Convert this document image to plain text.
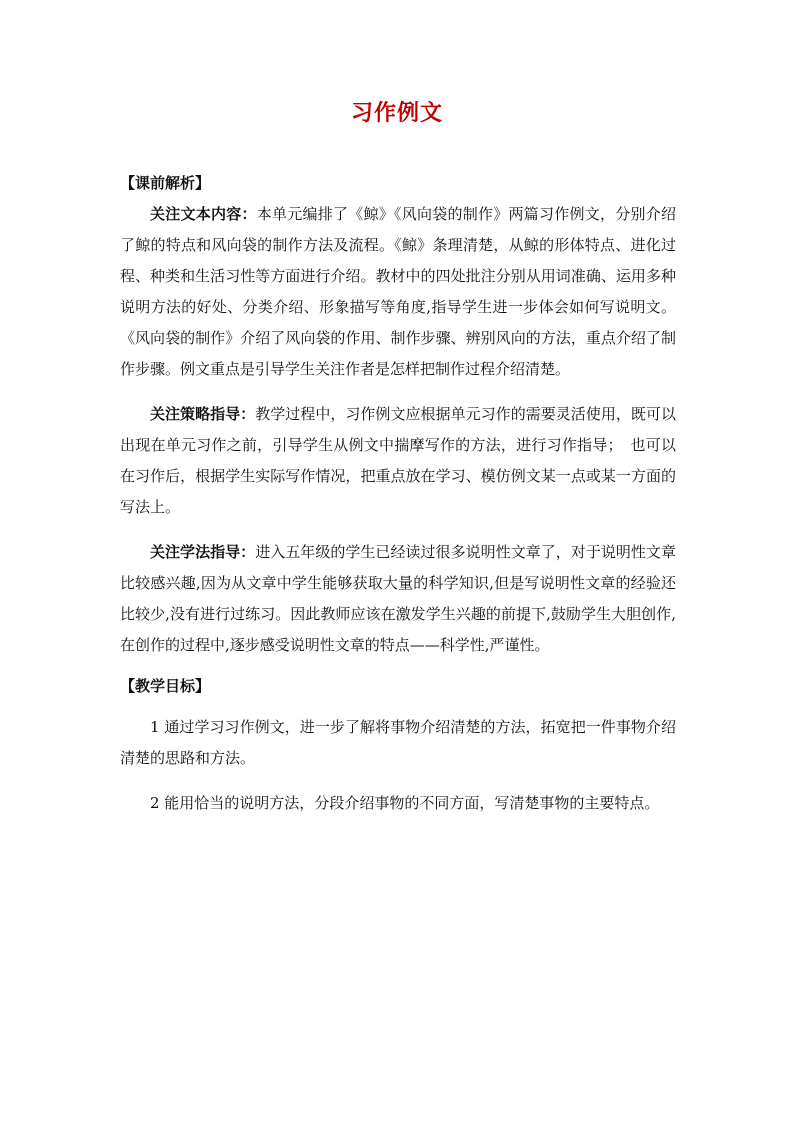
习作例文

【课前解析】

关注文本内容：本单元编排了《鲸》《风向袋的制作》两篇习作例文，分别介绍了鲸的特点和风向袋的制作方法及流程。《鲸》条理清楚，从鲸的形体特点、进化过程、种类和生活习性等方面进行介绍。教材中的四处批注分别从用词准确、运用多种说明方法的好处、分类介绍、形象描写等角度,指导学生进一步体会如何写说明文。《风向袋的制作》介绍了风向袋的作用、制作步骤、辨别风向的方法，重点介绍了制作步骤。例文重点是引导学生关注作者是怎样把制作过程介绍清楚。

关注策略指导：教学过程中，习作例文应根据单元习作的需要灵活使用，既可以出现在单元习作之前，引导学生从例文中揣摩写作的方法，进行习作指导；　也可以在习作后，根据学生实际写作情况，把重点放在学习、模仿例文某一点或某一方面的写法上。

关注学法指导：进入五年级的学生已经读过很多说明性文章了，对于说明性文章比较感兴趣,因为从文章中学生能够获取大量的科学知识,但是写说明性文章的经验还比较少,没有进行过练习。因此教师应该在激发学生兴趣的前提下,鼓励学生大胆创作,在创作的过程中,逐步感受说明性文章的特点——科学性,严谨性。

【教学目标】

1 通过学习习作例文，进一步了解将事物介绍清楚的方法，拓宽把一件事物介绍清楚的思路和方法。

2 能用恰当的说明方法，分段介绍事物的不同方面，写清楚事物的主要特点。
